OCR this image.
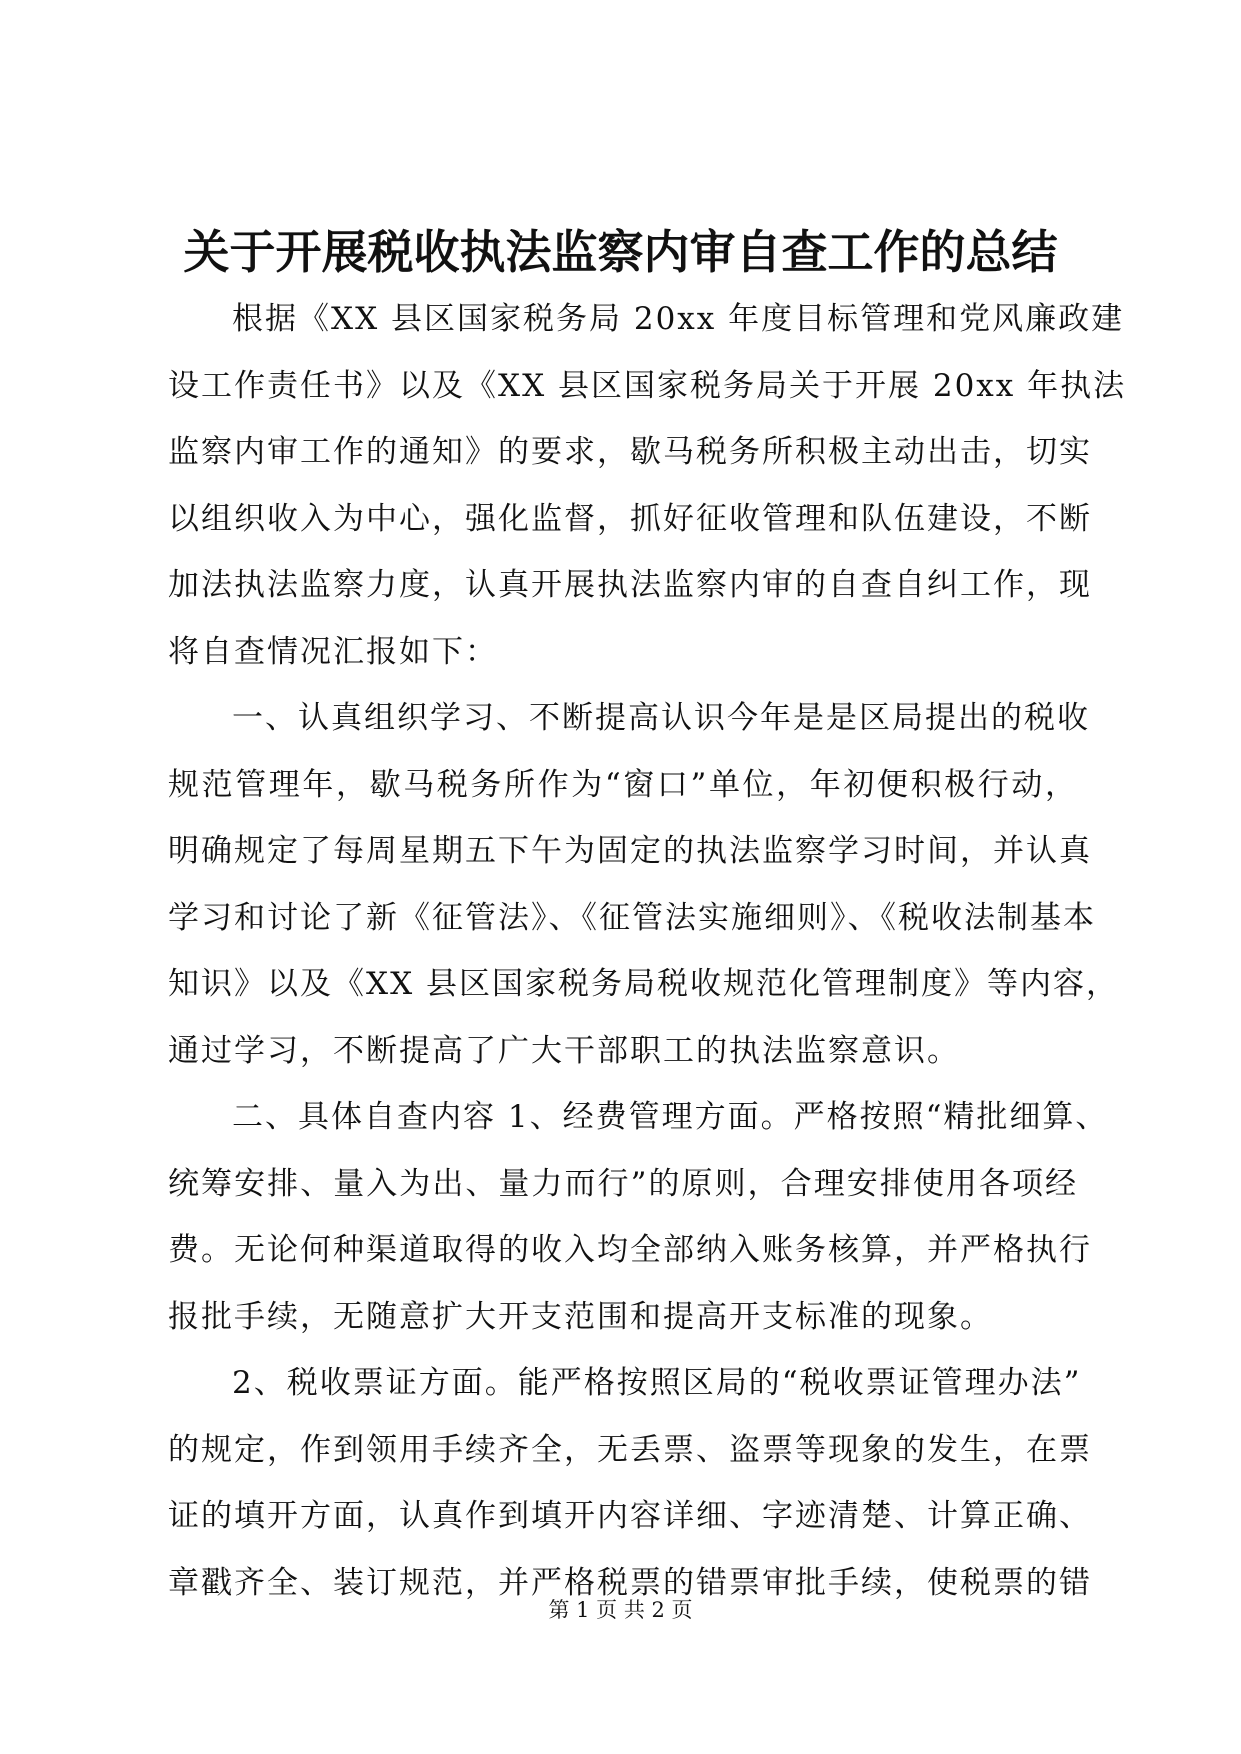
关于开展税收执法监察内审自查工作的总结
根据《XX 县区国家税务局 20xx 年度目标管理和党风廉政建
设工作责任书》以及《XX 县区国家税务局关于开展 20xx 年执法
监察内审工作的通知》的要求，歇马税务所积极主动出击，切实
以组织收入为中心，强化监督，抓好征收管理和队伍建设，不断
加法执法监察力度，认真开展执法监察内审的自查自纠工作，现
将自查情况汇报如下：
一、认真组织学习、不断提高认识今年是是区局提出的税收
规范管理年，歇马税务所作为“窗口”单位，年初便积极行动，
明确规定了每周星期五下午为固定的执法监察学习时间，并认真
学习和讨论了新《征管法》、《征管法实施细则》、《税收法制基本
知识》以及《XX 县区国家税务局税收规范化管理制度》等内容，
通过学习，不断提高了广大干部职工的执法监察意识。
二、具体自查内容 1、经费管理方面。严格按照“精批细算、
统筹安排、量入为出、量力而行”的原则，合理安排使用各项经
费。无论何种渠道取得的收入均全部纳入账务核算，并严格执行
报批手续，无随意扩大开支范围和提高开支标准的现象。
2、税收票证方面。能严格按照区局的“税收票证管理办法”
的规定，作到领用手续齐全，无丢票、盗票等现象的发生，在票
证的填开方面，认真作到填开内容详细、字迹清楚、计算正确、
章戳齐全、装订规范，并严格税票的错票审批手续，使税票的错
第 1 页 共 2 页
